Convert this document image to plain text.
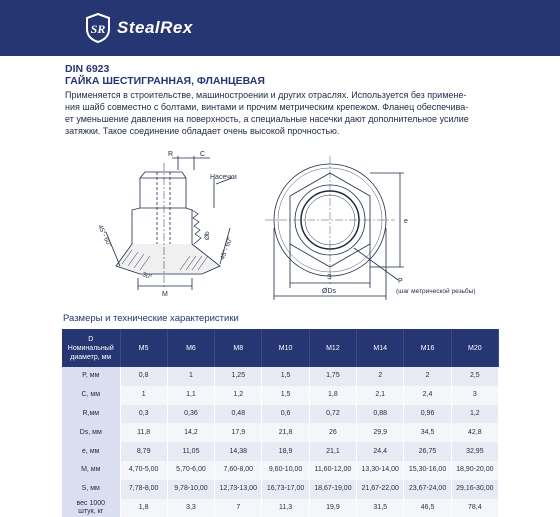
SR StealRex
DIN 6923
ГАЙКА ШЕСТИГРАННАЯ, ФЛАНЦЕВАЯ
Применяется в строительстве, машиностроении и других отраслях. Используется без примене-
ния шайб совместно с болтами, винтами и прочим метрическим крепежом. Фланец обеспечива-
ет уменьшение давления на поверхность, а специальные насечки дают дополнительное усилие
затяжки. Такое соединение обладает очень высокой прочностью.
R	C
Насечки
Øb
45°- 60°	45°- 60°
30°
M
S
ØDs
e
P
(шаг метрической резьбы)
Размеры и технические характеристики
D
Номинальный
диаметр, мм	M5	M6	M8	M10	M12	M14	M16	M20

P, мм	0,8	1	1,25	1,5	1,75	2	2	2,5

C, мм	1	1,1	1,2	1,5	1,8	2,1	2,4	3

R,мм	0,3	0,36	0,48	0,6	0,72	0,88	0,96	1,2

Ds, мм	11,8	14,2	17,9	21,8	26	29,9	34,5	42,8

e, мм	8,79	11,05	14,38	18,9	21,1	24,4	26,75	32,95

M, мм	4,70-5,00	5,70-6,00	7,60-8,00	9,60-10,00	11,60-12,00	13,30-14,00	15,30-16,00	18,90-20,00

S, мм	7,78-8,00	9,78-10,00	12,73-13,00	16,73-17,00	18,67-19,00	21,67-22,00	23,67-24,00	29,16-30,00

вес 1000
штук, кг	1,8	3,3	7	11,3	19,9	31,5	46,5	78,4
